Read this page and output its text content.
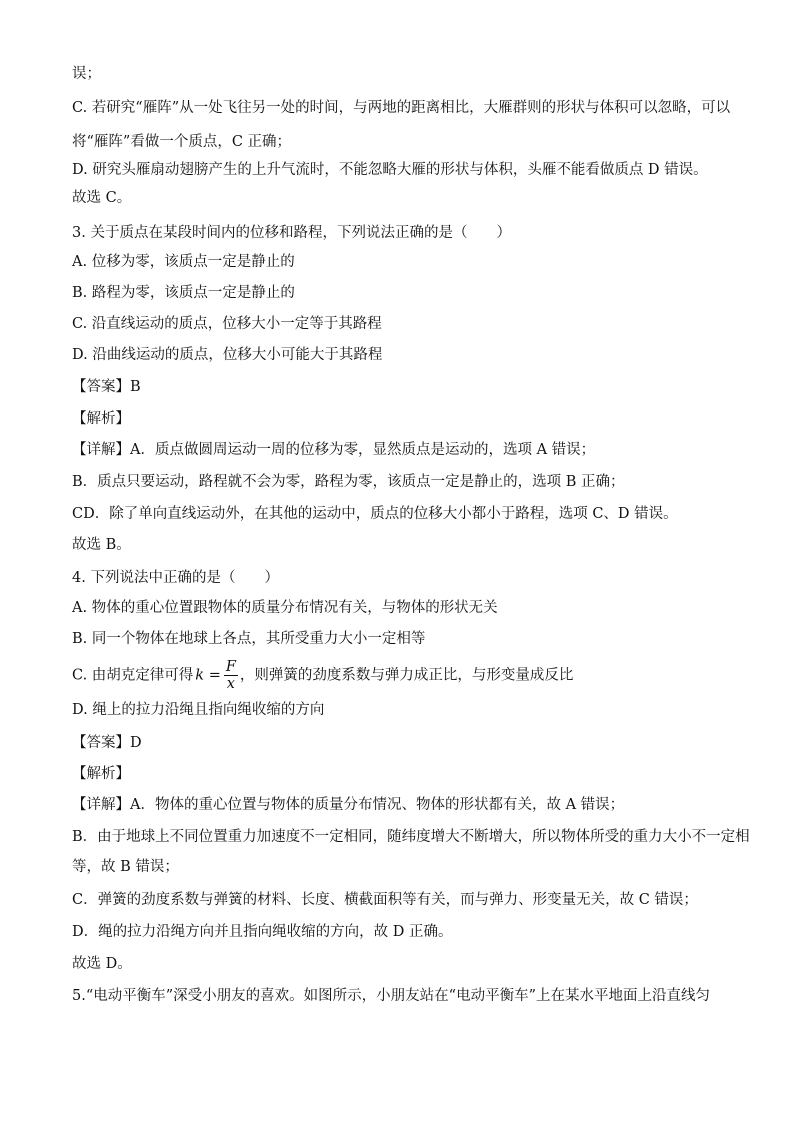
误；
C. 若研究“雁阵”从一处飞往另一处的时间，与两地的距离相比，大雁群则的形状与体积可以忽略，可以
将“雁阵”看做一个质点，C 正确；
D. 研究头雁扇动翅膀产生的上升气流时，不能忽略大雁的形状与体积，头雁不能看做质点 D 错误。
故选 C。
3. 关于质点在某段时间内的位移和路程，下列说法正确的是（　　）
A. 位移为零，该质点一定是静止的
B. 路程为零，该质点一定是静止的
C. 沿直线运动的质点，位移大小一定等于其路程
D. 沿曲线运动的质点，位移大小可能大于其路程
【答案】B
【解析】
【详解】A．质点做圆周运动一周的位移为零，显然质点是运动的，选项 A 错误；
B．质点只要运动，路程就不会为零，路程为零，该质点一定是静止的，选项 B 正确；
CD．除了单向直线运动外，在其他的运动中，质点的位移大小都小于路程，选项 C、D 错误。
故选 B。
4. 下列说法中正确的是（　　）
A. 物体的重心位置跟物体的质量分布情况有关，与物体的形状无关
B. 同一个物体在地球上各点，其所受重力大小一定相等
C. 由胡克定律可得 $k = \frac{F}{x}$ ，则弹簧的劲度系数与弹力成正比，与形变量成反比
D. 绳上的拉力沿绳且指向绳收缩的方向
【答案】D
【解析】
【详解】A．物体的重心位置与物体的质量分布情况、物体的形状都有关，故 A 错误；
B．由于地球上不同位置重力加速度不一定相同，随纬度增大不断增大，所以物体所受的重力大小不一定相
等，故 B 错误；
C．弹簧的劲度系数与弹簧的材料、长度、横截面积等有关，而与弹力、形变量无关，故 C 错误；
D．绳的拉力沿绳方向并且指向绳收缩的方向，故 D 正确。
故选 D。
5.“电动平衡车”深受小朋友的喜欢。如图所示，小朋友站在“电动平衡车”上在某水平地面上沿直线匀
